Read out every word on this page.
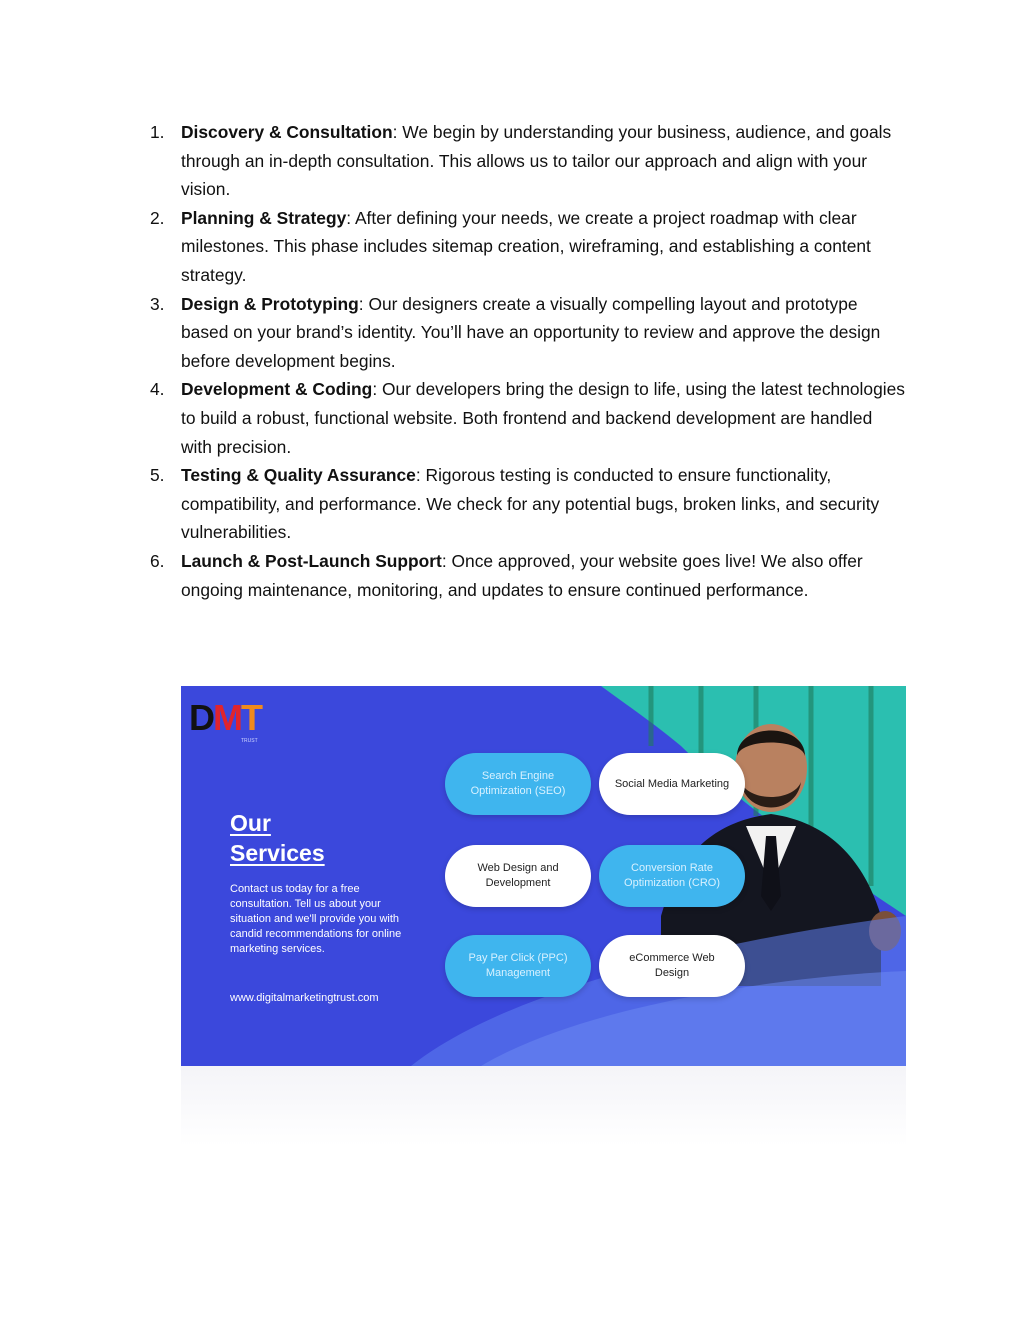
1. Discovery & Consultation: We begin by understanding your business, audience, and goals through an in-depth consultation. This allows us to tailor our approach and align with your vision.
2. Planning & Strategy: After defining your needs, we create a project roadmap with clear milestones. This phase includes sitemap creation, wireframing, and establishing a content strategy.
3. Design & Prototyping: Our designers create a visually compelling layout and prototype based on your brand’s identity. You’ll have an opportunity to review and approve the design before development begins.
4. Development & Coding: Our developers bring the design to life, using the latest technologies to build a robust, functional website. Both frontend and backend development are handled with precision.
5. Testing & Quality Assurance: Rigorous testing is conducted to ensure functionality, compatibility, and performance. We check for any potential bugs, broken links, and security vulnerabilities.
6. Launch & Post-Launch Support: Once approved, your website goes live! We also offer ongoing maintenance, monitoring, and updates to ensure continued performance.
DMT
TRUST
Our
Services
Contact us today for a free consultation. Tell us about your situation and we'll provide you with candid recommendations for online marketing services.
www.digitalmarketingtrust.com
Search Engine Optimization (SEO)
Social Media Marketing
Web Design and Development
Conversion Rate Optimization (CRO)
Pay Per Click (PPC) Management
eCommerce Web Design
